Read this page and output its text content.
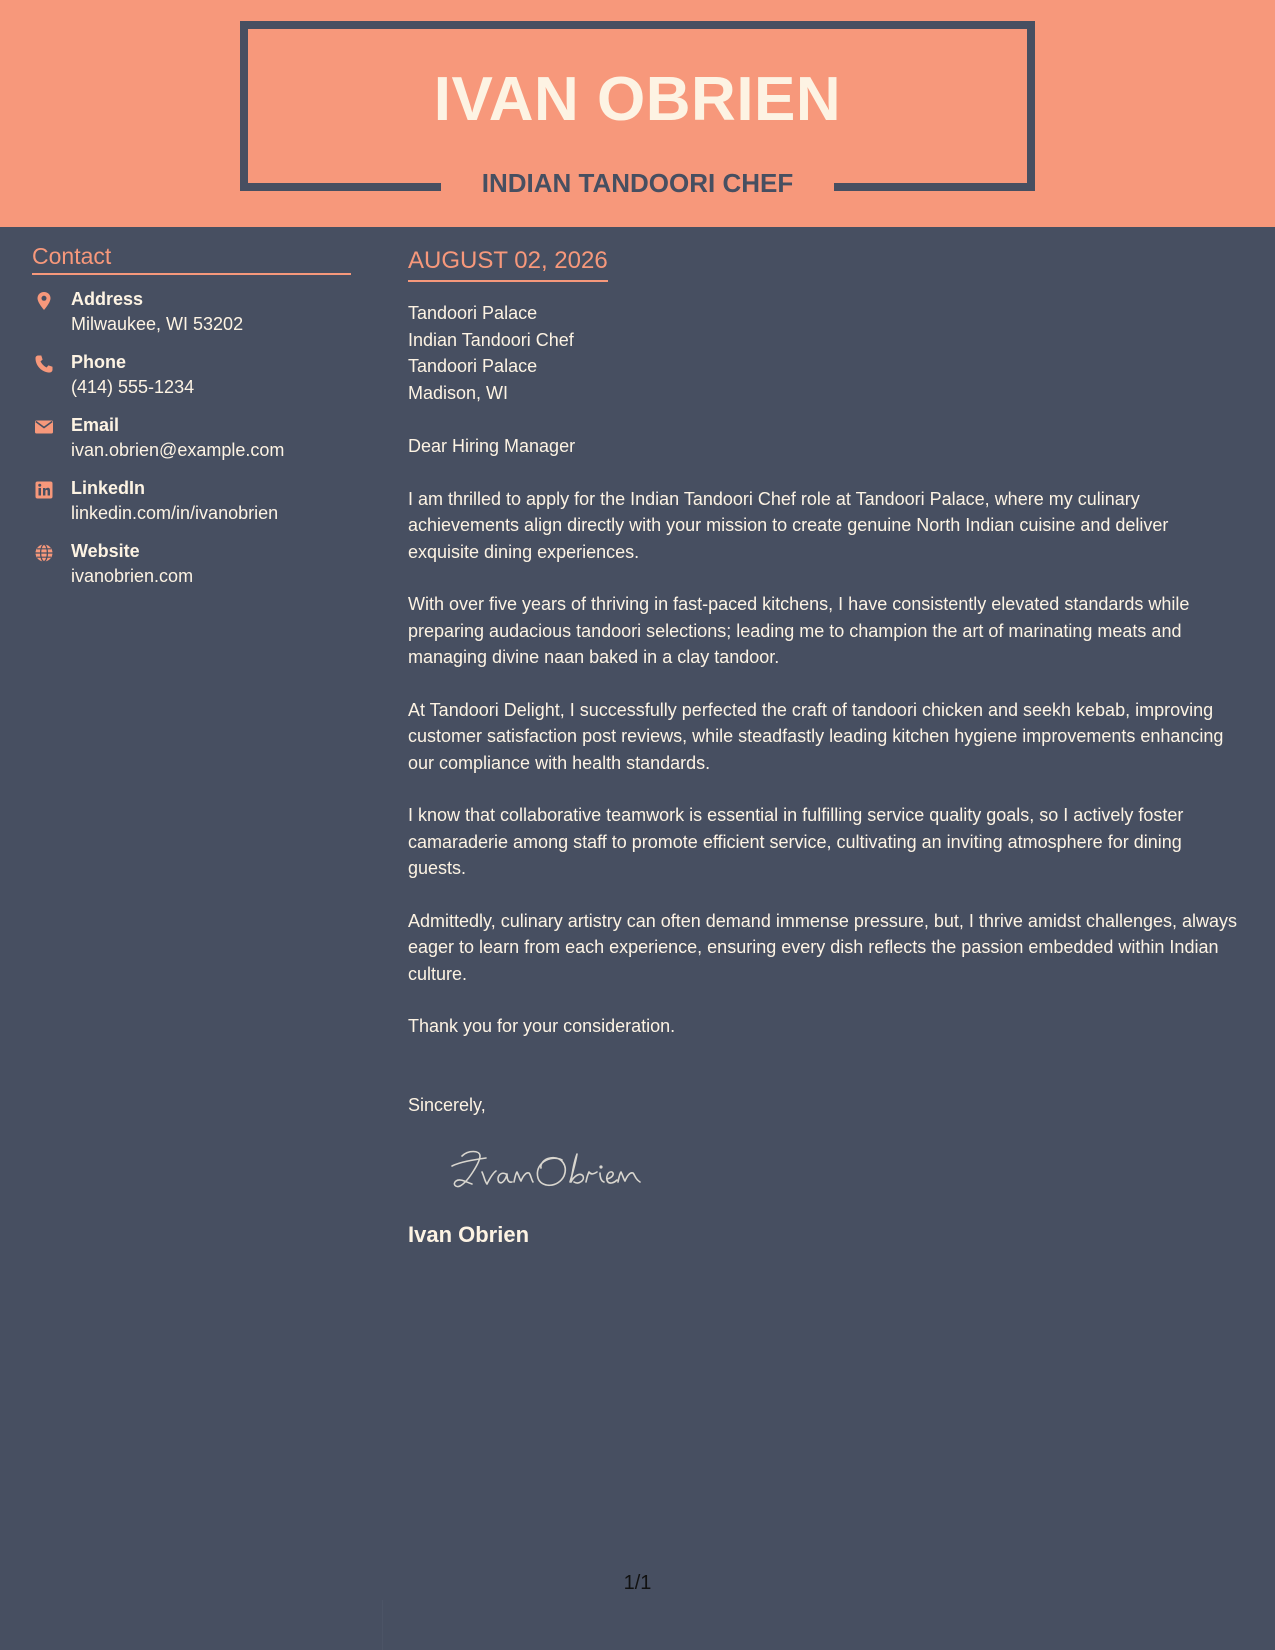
IVAN OBRIEN
INDIAN TANDOORI CHEF
Contact
Address
Milwaukee, WI 53202
Phone
(414) 555-1234
Email
ivan.obrien@example.com
LinkedIn
linkedin.com/in/ivanobrien
Website
ivanobrien.com
AUGUST 02, 2026
Tandoori Palace
Indian Tandoori Chef
Tandoori Palace
Madison, WI

Dear Hiring Manager

I am thrilled to apply for the Indian Tandoori Chef role at Tandoori Palace, where my culinary achievements align directly with your mission to create genuine North Indian cuisine and deliver exquisite dining experiences.

With over five years of thriving in fast-paced kitchens, I have consistently elevated standards while preparing audacious tandoori selections; leading me to champion the art of marinating meats and managing divine naan baked in a clay tandoor.

At Tandoori Delight, I successfully perfected the craft of tandoori chicken and seekh kebab, improving customer satisfaction post reviews, while steadfastly leading kitchen hygiene improvements enhancing our compliance with health standards.

I know that collaborative teamwork is essential in fulfilling service quality goals, so I actively foster camaraderie among staff to promote efficient service, cultivating an inviting atmosphere for dining guests.

Admittedly, culinary artistry can often demand immense pressure, but, I thrive amidst challenges, always eager to learn from each experience, ensuring every dish reflects the passion embedded within Indian culture.

Thank you for your consideration.

Sincerely,
Ivan Obrien
1/1
